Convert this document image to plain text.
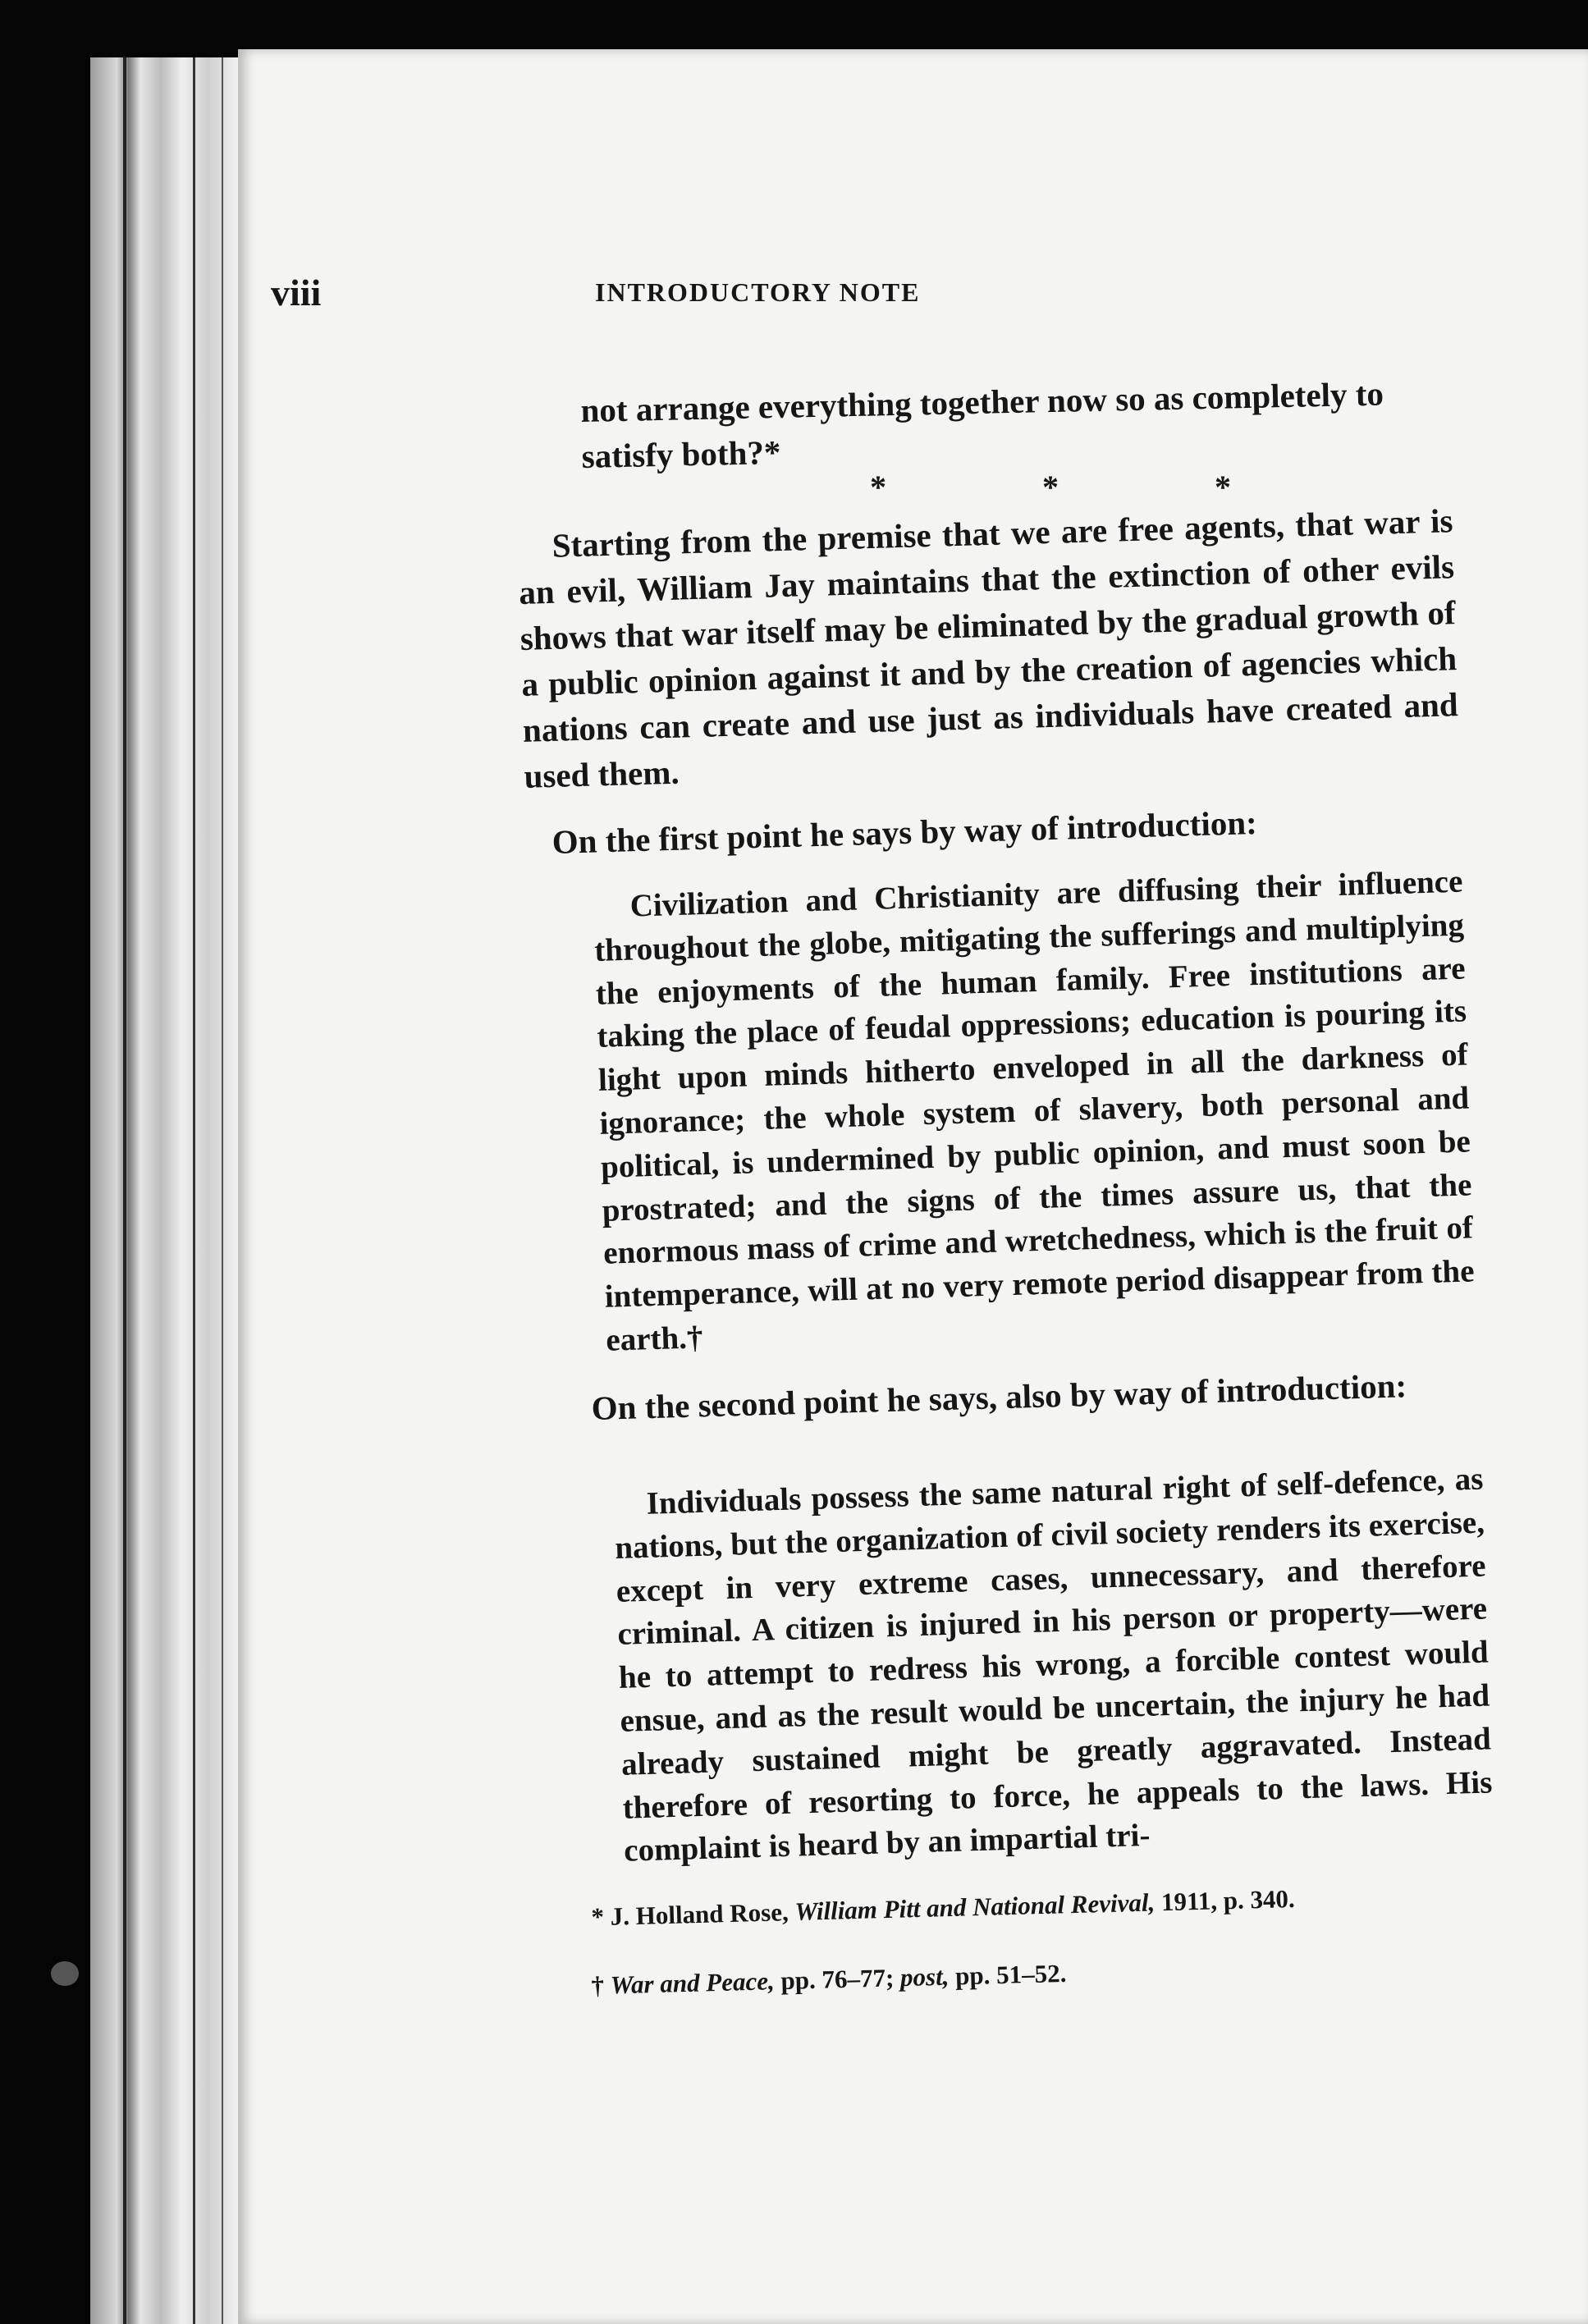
viii	INTRODUCTORY NOTE

not arrange everything together now so as completely to satisfy both?*

* * *

Starting from the premise that we are free agents, that war is an evil, William Jay maintains that the extinction of other evils shows that war itself may be eliminated by the gradual growth of a public opinion against it and by the creation of agencies which nations can create and use just as individuals have created and used them.

On the first point he says by way of introduction:

Civilization and Christianity are diffusing their influence throughout the globe, mitigating the sufferings and multiplying the enjoyments of the human family. Free institutions are taking the place of feudal oppressions; education is pouring its light upon minds hitherto enveloped in all the darkness of ignorance; the whole system of slavery, both personal and political, is undermined by public opinion, and must soon be prostrated; and the signs of the times assure us, that the enormous mass of crime and wretchedness, which is the fruit of intemperance, will at no very remote period disappear from the earth.†

On the second point he says, also by way of introduction:

Individuals possess the same natural right of self-defence, as nations, but the organization of civil society renders its exercise, except in very extreme cases, unnecessary, and therefore criminal. A citizen is injured in his person or property—were he to attempt to redress his wrong, a forcible contest would ensue, and as the result would be uncertain, the injury he had already sustained might be greatly aggravated. Instead therefore of resorting to force, he appeals to the laws. His complaint is heard by an impartial tri-

* J. Holland Rose, William Pitt and National Revival, 1911, p. 340.

† War and Peace, pp. 76–77; post, pp. 51–52.
